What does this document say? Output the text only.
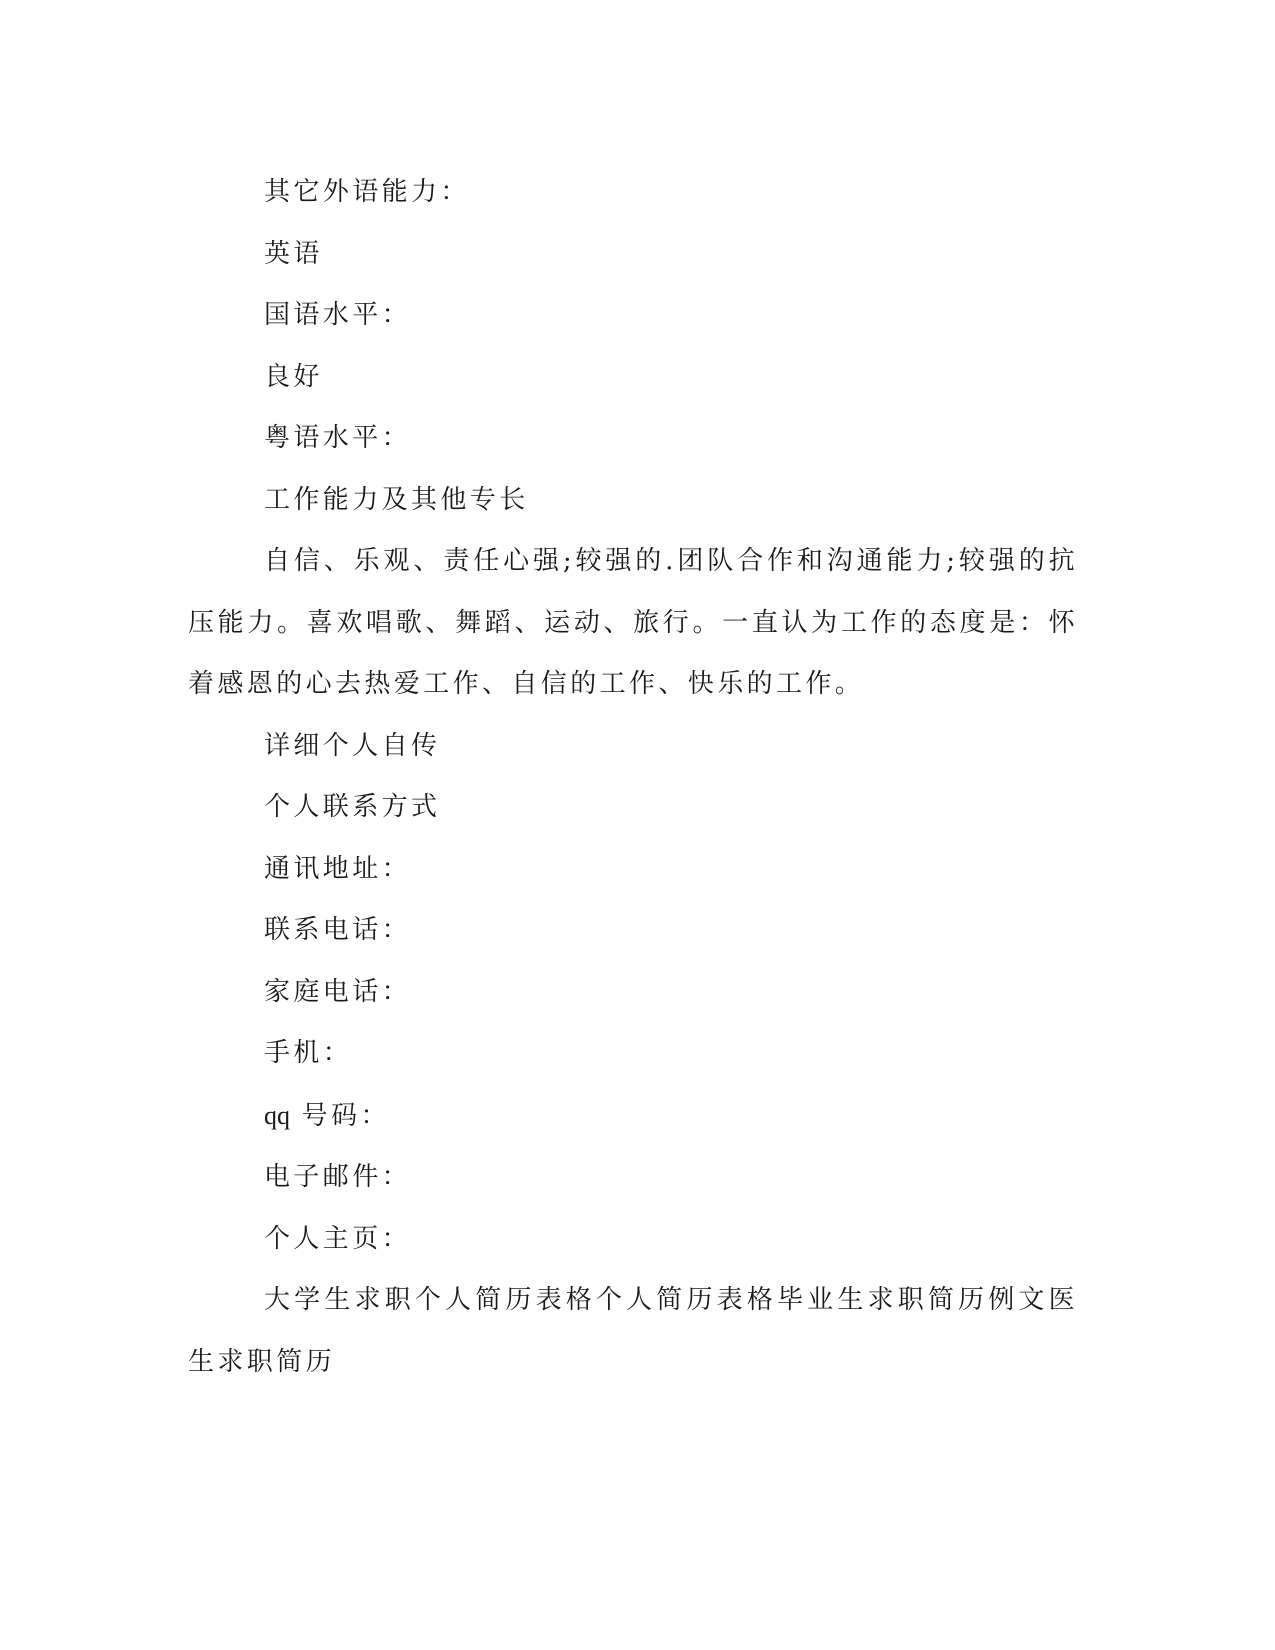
其它外语能力：

英语

国语水平：

良好

粤语水平：

工作能力及其他专长

自信、乐观、责任心强;较强的.团队合作和沟通能力;较强的抗压能力。喜欢唱歌、舞蹈、运动、旅行。一直认为工作的态度是：怀着感恩的心去热爱工作、自信的工作、快乐的工作。

详细个人自传

个人联系方式

通讯地址：

联系电话：

家庭电话：

手机：

qq 号码：

电子邮件：

个人主页：

大学生求职个人简历表格个人简历表格毕业生求职简历例文医生求职简历
